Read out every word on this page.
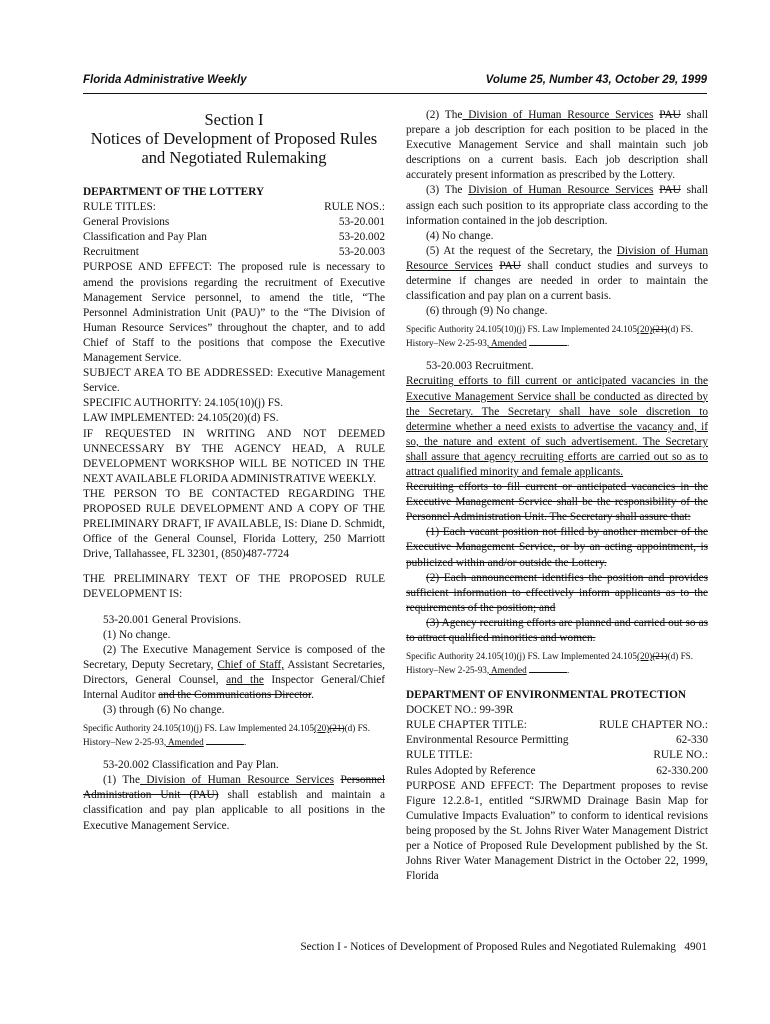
Florida Administrative Weekly	Volume 25, Number 43, October 29, 1999
Section I
Notices of Development of Proposed Rules
and Negotiated Rulemaking
DEPARTMENT OF THE LOTTERY
RULE TITLES:	RULE NOS.:
General Provisions	53-20.001
Classification and Pay Plan	53-20.002
Recruitment	53-20.003

PURPOSE AND EFFECT: The proposed rule is necessary to amend the provisions regarding the recruitment of Executive Management Service personnel, to amend the title, “The Personnel Administration Unit (PAU)” to the “The Division of Human Resource Services” throughout the chapter, and to add Chief of Staff to the positions that compose the Executive Management Service.

SUBJECT AREA TO BE ADDRESSED: Executive Management Service.

SPECIFIC AUTHORITY: 24.105(10)(j) FS.

LAW IMPLEMENTED: 24.105(20)(d) FS.

IF REQUESTED IN WRITING AND NOT DEEMED UNNECESSARY BY THE AGENCY HEAD, A RULE DEVELOPMENT WORKSHOP WILL BE NOTICED IN THE NEXT AVAILABLE FLORIDA ADMINISTRATIVE WEEKLY.

THE PERSON TO BE CONTACTED REGARDING THE PROPOSED RULE DEVELOPMENT AND A COPY OF THE PRELIMINARY DRAFT, IF AVAILABLE, IS: Diane D. Schmidt, Office of the General Counsel, Florida Lottery, 250 Marriott Drive, Tallahassee, FL 32301, (850)487-7724

THE PRELIMINARY TEXT OF THE PROPOSED RULE DEVELOPMENT IS:

53-20.001 General Provisions.

(1) No change.

(2) The Executive Management Service is composed of the Secretary, Deputy Secretary, Chief of Staff, Assistant Secretaries, Directors, General Counsel, and the Inspector General/Chief Internal Auditor and the Communications Director.

(3) through (6) No change.

Specific Authority 24.105(10)(j) FS. Law Implemented 24.105(20)(21)(d) FS. History–New 2-25-93, Amended	.

53-20.002 Classification and Pay Plan.

(1) The Division of Human Resource Services Personnel Administration Unit (PAU) shall establish and maintain a classification and pay plan applicable to all positions in the Executive Management Service.

(2) The Division of Human Resource Services PAU shall prepare a job description for each position to be placed in the Executive Management Service and shall maintain such job descriptions on a current basis. Each job description shall accurately present information as prescribed by the Lottery.

(3) The Division of Human Resource Services PAU shall assign each such position to its appropriate class according to the information contained in the job description.

(4) No change.

(5) At the request of the Secretary, the Division of Human Resource Services PAU shall conduct studies and surveys to determine if changes are needed in order to maintain the classification and pay plan on a current basis.

(6) through (9) No change.

Specific Authority 24.105(10)(j) FS. Law Implemented 24.105(20)(21)(d) FS. History–New 2-25-93, Amended	.

53-20.003 Recruitment.

Recruiting efforts to fill current or anticipated vacancies in the Executive Management Service shall be conducted as directed by the Secretary. The Secretary shall have sole discretion to determine whether a need exists to advertise the vacancy and, if so, the nature and extent of such advertisement. The Secretary shall assure that agency recruiting efforts are carried out so as to attract qualified minority and female applicants.

Recruiting efforts to fill current or anticipated vacancies in the Executive Management Service shall be the responsibility of the Personnel Administration Unit. The Secretary shall assure that:

(1) Each vacant position not filled by another member of the Executive Management Service, or by an acting appointment, is publicized within and/or outside the Lottery.

(2) Each announcement identifies the position and provides sufficient information to effectively inform applicants as to the requirements of the position; and

(3) Agency recruiting efforts are planned and carried out so as to attract qualified minorities and women.

Specific Authority 24.105(10)(j) FS. Law Implemented 24.105(20)(21)(d) FS. History–New 2-25-93, Amended	.

DEPARTMENT OF ENVIRONMENTAL PROTECTION

DOCKET NO.: 99-39R

RULE CHAPTER TITLE:	RULE CHAPTER NO.:
Environmental Resource Permitting	62-330
RULE TITLE:	RULE NO.:
Rules Adopted by Reference	62-330.200

PURPOSE AND EFFECT: The Department proposes to revise Figure 12.2.8-1, entitled “SJRWMD Drainage Basin Map for Cumulative Impacts Evaluation” to conform to identical revisions being proposed by the St. Johns River Water Management District per a Notice of Proposed Rule Development published by the St. Johns River Water Management District in the October 22, 1999, Florida

Section I - Notices of Development of Proposed Rules and Negotiated Rulemaking 4901
